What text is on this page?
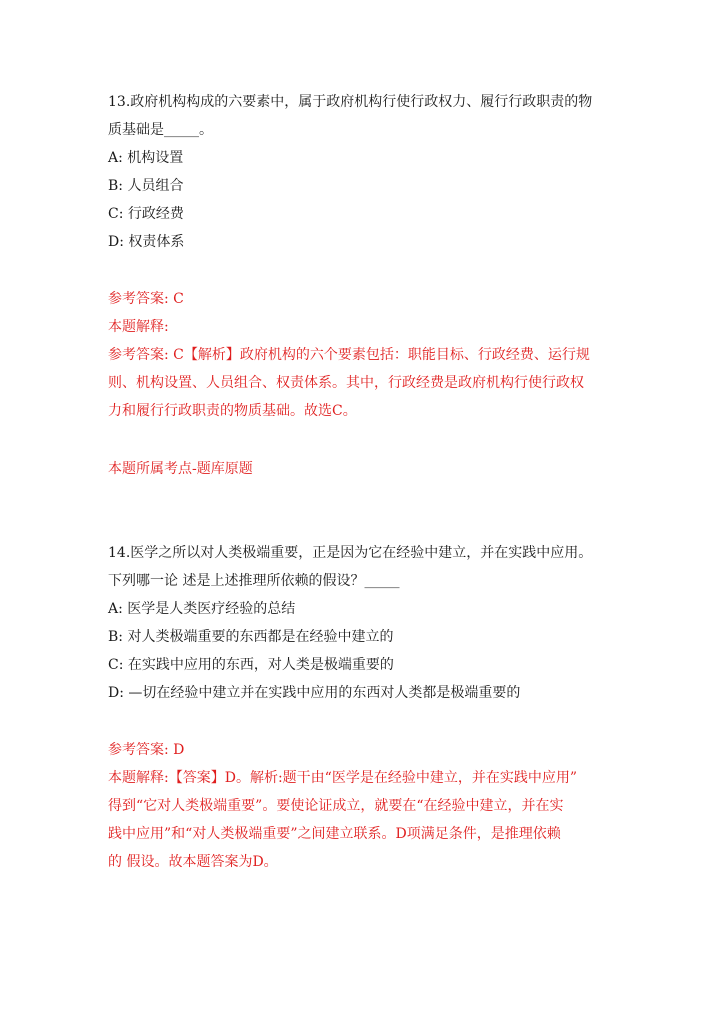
13.政府机构构成的六要素中，属于政府机构行使行政权力、履行行政职责的物
质基础是_____。
A: 机构设置
B: 人员组合
C: 行政经费
D: 权责体系
参考答案: C
本题解释:
参考答案: C【解析】政府机构的六个要素包括：职能目标、行政经费、运行规
则、机构设置、人员组合、权责体系。其中，行政经费是政府机构行使行政权
力和履行行政职责的物质基础。故选C。
本题所属考点-题库原题
14.医学之所以对人类极端重要，正是因为它在经验中建立，并在实践中应用。
下列哪一论 述是上述推理所依赖的假设？_____
A: 医学是人类医疗经验的总结
B: 对人类极端重要的东西都是在经验中建立的
C: 在实践中应用的东西，对人类是极端重要的
D: —切在经验中建立并在实践中应用的东西对人类都是极端重要的
参考答案: D
本题解释:【答案】D。解析:题干由“医学是在经验中建立，并在实践中应用”
得到“它对人类极端重要”。要使论证成立，就要在“在经验中建立，并在实
践中应用”和“对人类极端重要”之间建立联系。D项满足条件，是推理依赖
的 假设。故本题答案为D。
